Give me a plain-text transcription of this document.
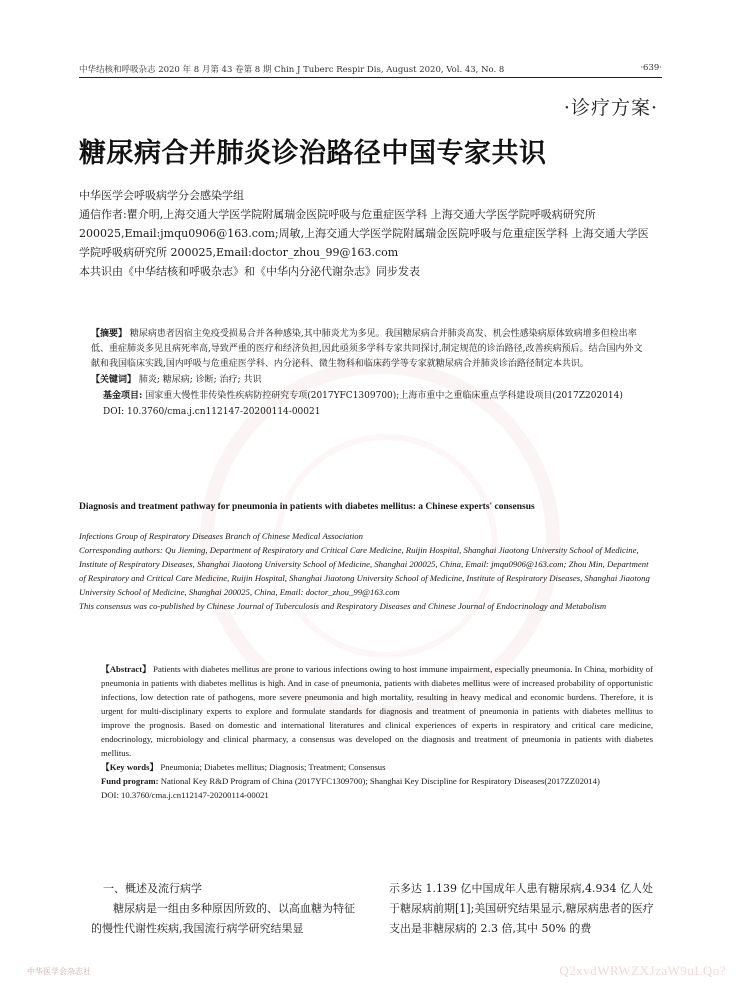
中华结核和呼吸杂志 2020 年 8 月第 43 卷第 8 期 Chin J Tuberc Respir Dis, August 2020, Vol. 43, No. 8	·639·
·诊疗方案·
糖尿病合并肺炎诊治路径中国专家共识

中华医学会呼吸病学分会感染学组

通信作者:瞿介明,上海交通大学医学院附属瑞金医院呼吸与危重症医学科 上海交通大学医学院呼吸病研究所 200025,Email:jmqu0906@163.com;周敏,上海交通大学医学院附属瑞金医院呼吸与危重症医学科 上海交通大学医学院呼吸病研究所 200025,Email:doctor_zhou_99@163.com

本共识由《中华结核和呼吸杂志》和《中华内分泌代谢杂志》同步发表

【摘要】 糖尿病患者因宿主免疫受损易合并各种感染,其中肺炎尤为多见。我国糖尿病合并肺炎高发、机会性感染病原体致病增多但检出率低、重症肺炎多见且病死率高,导致严重的医疗和经济负担,因此亟须多学科专家共同探讨,制定规范的诊治路径,改善疾病预后。结合国内外文献和我国临床实践,国内呼吸与危重症医学科、内分泌科、微生物科和临床药学等专家就糖尿病合并肺炎诊治路径制定本共识。

【关键词】 肺炎; 糖尿病; 诊断; 治疗; 共识

基金项目: 国家重大慢性非传染性疾病防控研究专项(2017YFC1309700);上海市重中之重临床重点学科建设项目(2017Z202014)

DOI: 10.3760/cma.j.cn112147-20200114-00021

Diagnosis and treatment pathway for pneumonia in patients with diabetes mellitus: a Chinese experts' consensus

Infections Group of Respiratory Diseases Branch of Chinese Medical Association

Corresponding authors: Qu Jieming, Department of Respiratory and Critical Care Medicine, Ruijin Hospital, Shanghai Jiaotong University School of Medicine, Institute of Respiratory Diseases, Shanghai Jiaotong University School of Medicine, Shanghai 200025, China, Email: jmqu0906@163.com; Zhou Min, Department of Respiratory and Critical Care Medicine, Ruijin Hospital, Shanghai Jiaotong University School of Medicine, Institute of Respiratory Diseases, Shanghai Jiaotong University School of Medicine, Shanghai 200025, China, Email: doctor_zhou_99@163.com

This consensus was co-published by Chinese Journal of Tuberculosis and Respiratory Diseases and Chinese Journal of Endocrinology and Metabolism

【Abstract】 Patients with diabetes mellitus are prone to various infections owing to host immune impairment, especially pneumonia. In China, morbidity of pneumonia in patients with diabetes mellitus is high. And in case of pneumonia, patients with diabetes mellitus were of increased probability of opportunistic infections, low detection rate of pathogens, more severe pneumonia and high mortality, resulting in heavy medical and economic burdens. Therefore, it is urgent for multi-disciplinary experts to explore and formulate standards for diagnosis and treatment of pneumonia in patients with diabetes mellitus to improve the prognosis. Based on domestic and international literatures and clinical experiences of experts in respiratory and critical care medicine, endocrinology, microbiology and clinical pharmacy, a consensus was developed on the diagnosis and treatment of pneumonia in patients with diabetes mellitus.

【Key words】 Pneumonia; Diabetes mellitus; Diagnosis; Treatment; Consensus

Fund program: National Key R&D Program of China (2017YFC1309700); Shanghai Key Discipline for Respiratory Diseases(2017ZZ02014)

DOI: 10.3760/cma.j.cn112147-20200114-00021

一、概述及流行病学

　　糖尿病是一组由多种原因所致的、以高血糖为特征的慢性代谢性疾病,我国流行病学研究结果显

示多达 1.139 亿中国成年人患有糖尿病,4.934 亿人处于糖尿病前期[1];美国研究结果显示,糖尿病患者的医疗支出是非糖尿病的 2.3 倍,其中 50% 的费

中华医学会杂志社	Q2xvdWRWZXJzaW9uLQo?
